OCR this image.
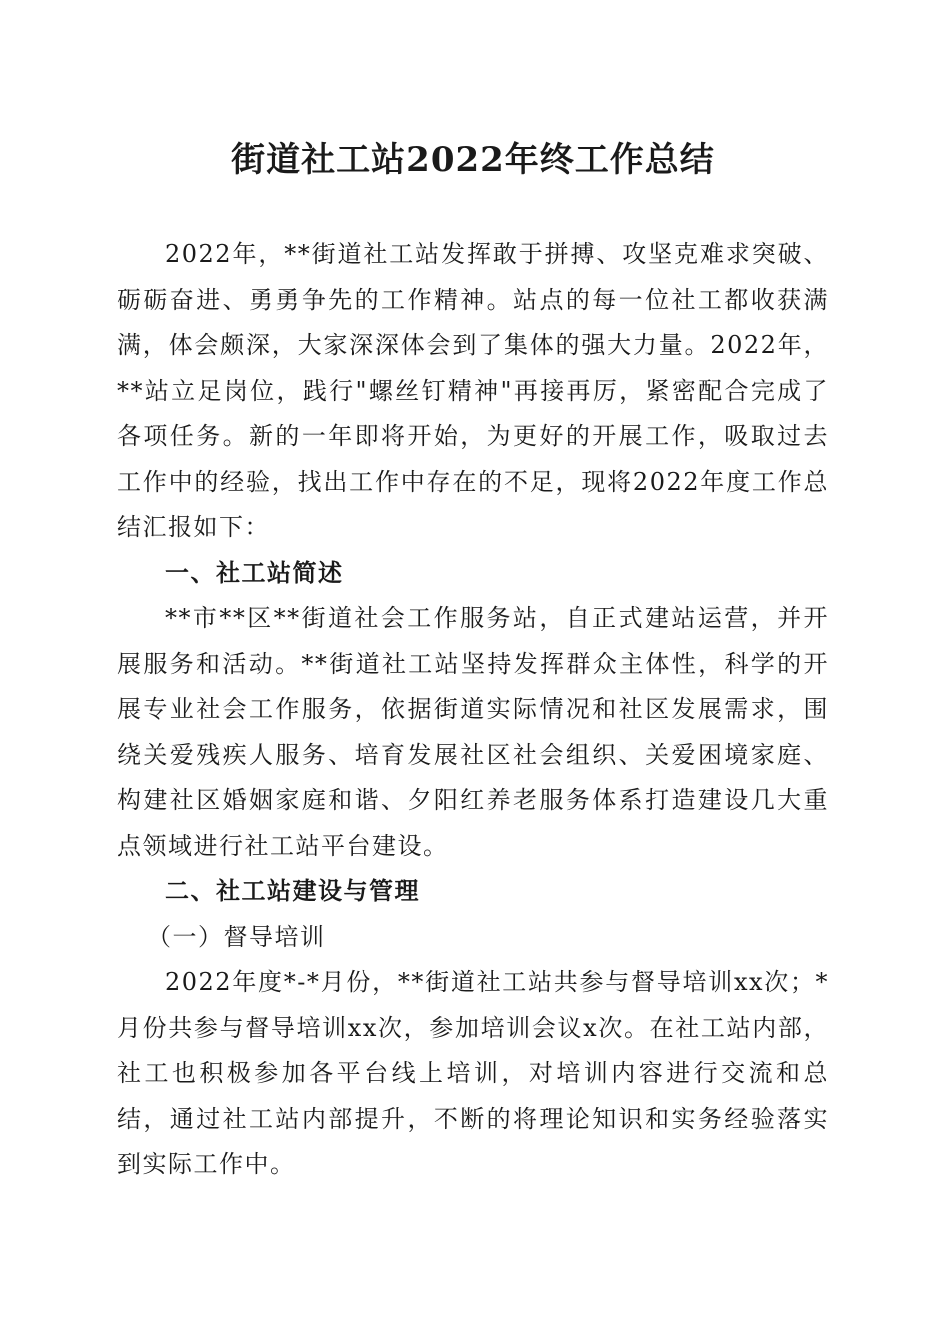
街道社工站2022年终工作总结

2022年，**街道社工站发挥敢于拼搏、攻坚克难求突破、砺砺奋进、勇勇争先的工作精神。站点的每一位社工都收获满满，体会颇深，大家深深体会到了集体的强大力量。2022年，**站立足岗位，践行"螺丝钉精神"再接再厉，紧密配合完成了各项任务。新的一年即将开始，为更好的开展工作，吸取过去工作中的经验，找出工作中存在的不足，现将2022年度工作总结汇报如下：

一、社工站简述

**市**区**街道社会工作服务站，自正式建站运营，并开展服务和活动。**街道社工站坚持发挥群众主体性，科学的开展专业社会工作服务，依据街道实际情况和社区发展需求，围绕关爱残疾人服务、培育发展社区社会组织、关爱困境家庭、构建社区婚姻家庭和谐、夕阳红养老服务体系打造建设几大重点领域进行社工站平台建设。

二、社工站建设与管理

（一）督导培训

2022年度*-*月份，**街道社工站共参与督导培训xx次；*月份共参与督导培训xx次，参加培训会议x次。在社工站内部，社工也积极参加各平台线上培训，对培训内容进行交流和总结，通过社工站内部提升，不断的将理论知识和实务经验落实到实际工作中。
